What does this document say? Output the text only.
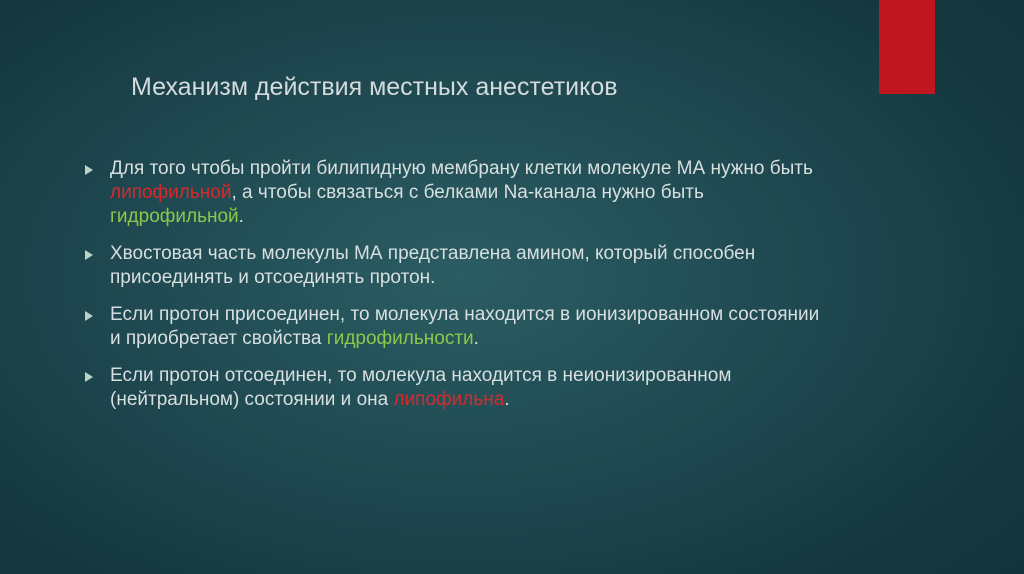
Механизм действия местных анестетиков
Для того чтобы пройти билипидную мембрану клетки молекуле МА нужно быть липофильной, а чтобы связаться с белками Na-канала нужно быть гидрофильной.
Хвостовая часть молекулы МА представлена амином, который способен присоединять и отсоединять протон.
Если протон присоединен, то молекула находится в ионизированном состоянии и приобретает свойства гидрофильности.
Если протон отсоединен, то молекула находится в неионизированном (нейтральном) состоянии и она липофильна.
